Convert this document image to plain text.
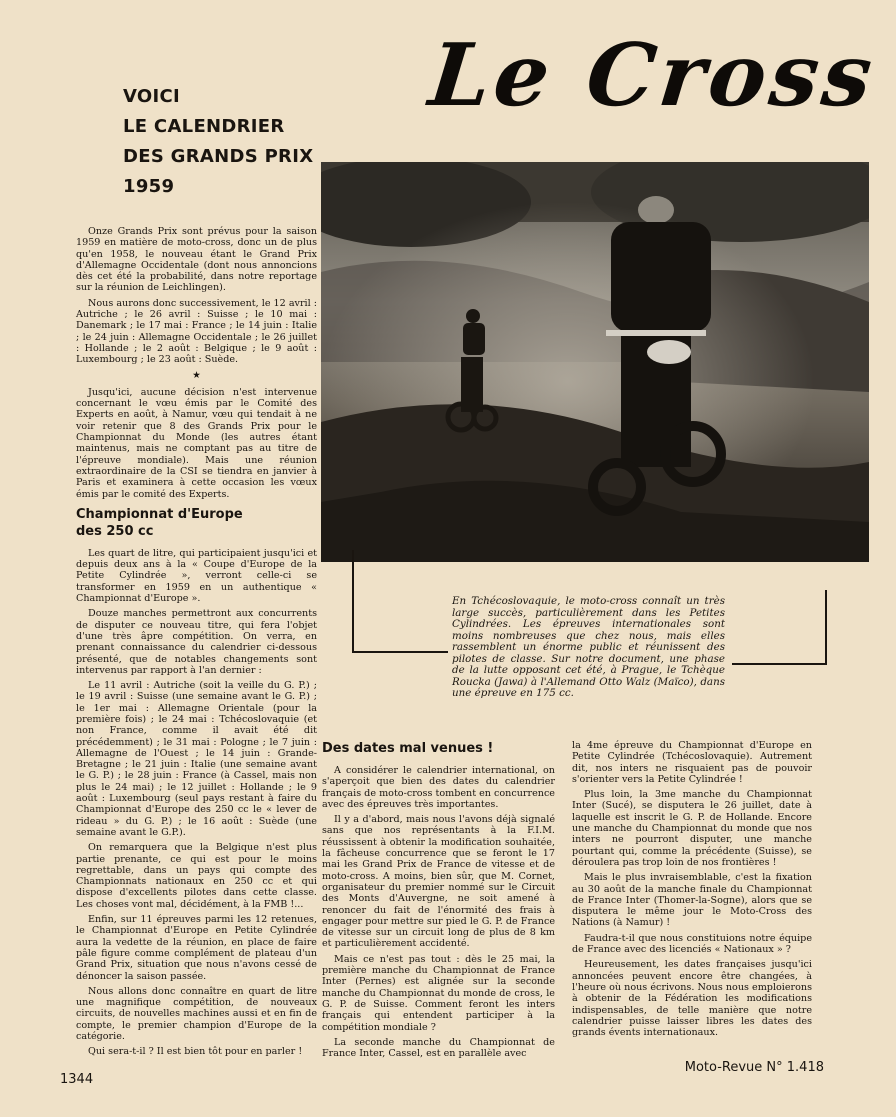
VOICI
LE CALENDRIER
DES GRANDS PRIX
1959
Le Cross

Onze Grands Prix sont prévus pour la saison 1959 en matière de moto-cross, donc un de plus qu'en 1958, le nouveau étant le Grand Prix d'Allemagne Occidentale (dont nous annoncions dès cet été la probabilité, dans notre reportage sur la réunion de Leichlingen).

Nous aurons donc successivement, le 12 avril : Autriche ; le 26 avril : Suisse ; le 10 mai : Danemark ; le 17 mai : France ; le 14 juin : Italie ; le 24 juin : Allemagne Occidentale ; le 26 juillet : Hollande ; le 2 août : Belgique ; le 9 août : Luxembourg ; le 23 août : Suède.

★

Jusqu'ici, aucune décision n'est intervenue concernant le vœu émis par le Comité des Experts en août, à Namur, vœu qui tendait à ne voir retenir que 8 des Grands Prix pour le Championnat du Monde (les autres étant maintenus, mais ne comptant pas au titre de l'épreuve mondiale). Mais une réunion extraordinaire de la CSI se tiendra en janvier à Paris et examinera à cette occasion les vœux émis par le comité des Experts.

Championnat d'Europe
des 250 cc

Les quart de litre, qui participaient jusqu'ici et depuis deux ans à la « Coupe d'Europe de la Petite Cylindrée », verront celle-ci se transformer en 1959 en un authentique « Championnat d'Europe ».

Douze manches permettront aux concurrents de disputer ce nouveau titre, qui fera l'objet d'une très âpre compétition. On verra, en prenant connaissance du calendrier ci-dessous présenté, que de notables changements sont intervenus par rapport à l'an dernier :

Le 11 avril : Autriche (soit la veille du G. P.) ; le 19 avril : Suisse (une semaine avant le G. P.) ; le 1er mai : Allemagne Orientale (pour la première fois) ; le 24 mai : Tchécoslovaquie (et non France, comme il avait été dit précédemment) ; le 31 mai : Pologne ; le 7 juin : Allemagne de l'Ouest ; le 14 juin : Grande-Bretagne ; le 21 juin : Italie (une semaine avant le G. P.) ; le 28 juin : France (à Cassel, mais non plus le 24 mai) ; le 12 juillet : Hollande ; le 9 août : Luxembourg (seul pays restant à faire du Championnat d'Europe des 250 cc le « lever de rideau » du G. P.) ; le 16 août : Suède (une semaine avant le G.P.).

On remarquera que la Belgique n'est plus partie prenante, ce qui est pour le moins regrettable, dans un pays qui compte des Championnats nationaux en 250 cc et qui dispose d'excellents pilotes dans cette classe. Les choses vont mal, décidément, à la FMB !...

Enfin, sur 11 épreuves parmi les 12 retenues, le Championnat d'Europe en Petite Cylindrée aura la vedette de la réunion, en place de faire pâle figure comme complément de plateau d'un Grand Prix, situation que nous n'avons cessé de dénoncer la saison passée.

Nous allons donc connaître en quart de litre une magnifique compétition, de nouveaux circuits, de nouvelles machines aussi et en fin de compte, le premier champion d'Europe de la catégorie.

Qui sera-t-il ? Il est bien tôt pour en parler !

En Tchécoslovaquie, le moto-cross connaît un très large succès, particulièrement dans les Petites Cylindrées. Les épreuves internationales sont moins nombreuses que chez nous, mais elles rassemblent un énorme public et réunissent des pilotes de classe. Sur notre document, une phase de la lutte opposant cet été, à Prague, le Tchèque Roucka (Jawa) à l'Allemand Otto Walz (Maïco), dans une épreuve en 175 cc.

Des dates mal venues !

A considérer le calendrier international, on s'aperçoit que bien des dates du calendrier français de moto-cross tombent en concurrence avec des épreuves très importantes.

Il y a d'abord, mais nous l'avons déjà signalé sans que nos représentants à la F.I.M. réussissent à obtenir la modification souhaitée, la fâcheuse concurrence que se feront le 17 mai les Grand Prix de France de vitesse et de moto-cross. A moins, bien sûr, que M. Cornet, organisateur du premier nommé sur le Circuit des Monts d'Auvergne, ne soit amené à renoncer du fait de l'énormité des frais à engager pour mettre sur pied le G. P. de France de vitesse sur un circuit long de plus de 8 km et particulièrement accidenté.

Mais ce n'est pas tout : dès le 25 mai, la première manche du Championnat de France Inter (Pernes) est alignée sur la seconde manche du Championnat du monde de cross, le G. P. de Suisse. Comment feront les inters français qui entendent participer à la compétition mondiale ?

La seconde manche du Championnat de France Inter, Cassel, est en parallèle avec

la 4me épreuve du Championnat d'Europe en Petite Cylindrée (Tchécoslovaquie). Autrement dit, nos inters ne risquaient pas de pouvoir s'orienter vers la Petite Cylindrée !

Plus loin, la 3me manche du Championnat Inter (Sucé), se disputera le 26 juillet, date à laquelle est inscrit le G. P. de Hollande. Encore une manche du Championnat du monde que nos inters ne pourront disputer, une manche pourtant qui, comme la précédente (Suisse), se déroulera pas trop loin de nos frontières !

Mais le plus invraisemblable, c'est la fixation au 30 août de la manche finale du Championnat de France Inter (Thomer-la-Sogne), alors que se disputera le même jour le Moto-Cross des Nations (à Namur) !

Faudra-t-il que nous constituions notre équipe de France avec des licenciés « Nationaux » ?

Heureusement, les dates françaises jusqu'ici annoncées peuvent encore être changées, à l'heure où nous écrivons. Nous nous emploierons à obtenir de la Fédération les modifications indispensables, de telle manière que notre calendrier puisse laisser libres les dates des grands évents internationaux.

1344
Moto-Revue N° 1.418
